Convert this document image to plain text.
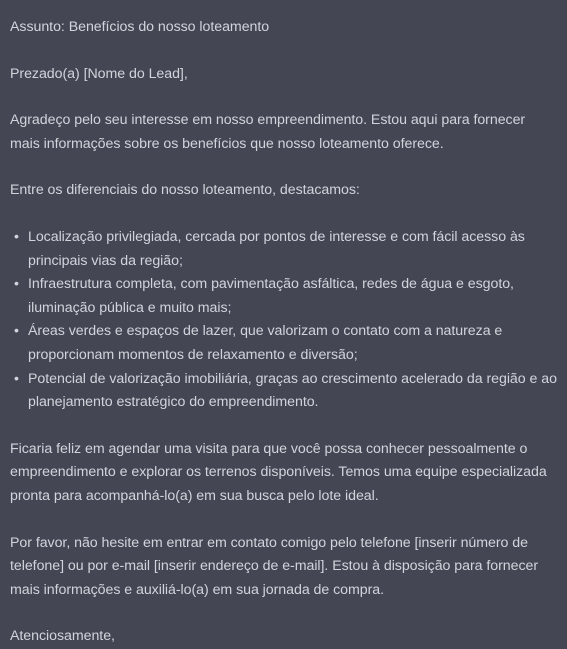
Assunto: Benefícios do nosso loteamento

Prezado(a) [Nome do Lead],

Agradeço pelo seu interesse em nosso empreendimento. Estou aqui para fornecer mais informações sobre os benefícios que nosso loteamento oferece.

Entre os diferenciais do nosso loteamento, destacamos:

• Localização privilegiada, cercada por pontos de interesse e com fácil acesso às principais vias da região;
• Infraestrutura completa, com pavimentação asfáltica, redes de água e esgoto, iluminação pública e muito mais;
• Áreas verdes e espaços de lazer, que valorizam o contato com a natureza e proporcionam momentos de relaxamento e diversão;
• Potencial de valorização imobiliária, graças ao crescimento acelerado da região e ao planejamento estratégico do empreendimento.

Ficaria feliz em agendar uma visita para que você possa conhecer pessoalmente o empreendimento e explorar os terrenos disponíveis. Temos uma equipe especializada pronta para acompanhá-lo(a) em sua busca pelo lote ideal.

Por favor, não hesite em entrar em contato comigo pelo telefone [inserir número de telefone] ou por e-mail [inserir endereço de e-mail]. Estou à disposição para fornecer mais informações e auxiliá-lo(a) em sua jornada de compra.

Atenciosamente,
